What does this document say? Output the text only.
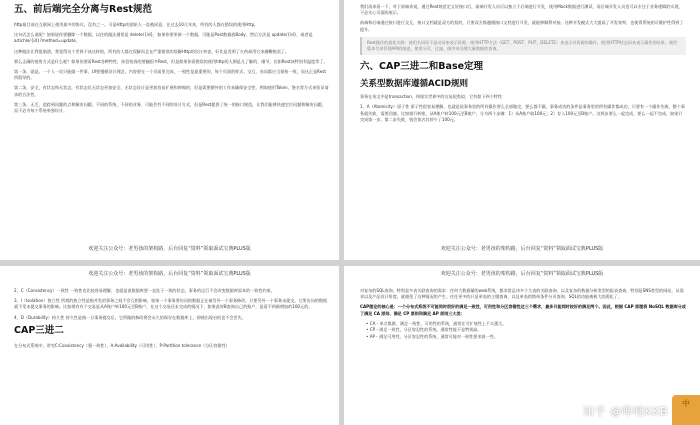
五、前后端完全分离与Rest规范

http最目前在互联网上使用最多的协议，没有之一。可是Http的创始人一直被同意，在过去10几年来，所有的人都在错误的使用Http。

这句话怎么说呢？如果说你要删除一个数据，以往的做法通常是 delete/{id}，如果你要更新一个数据，可能是Post数据放Body，然后方法是 update/{id}，或者是artichle/{id}?method=update。

这种做法让我很崩溃，我觉得这个世界不该这样的，所有的人都在误解而且在严重错误的误解Http的设计初衷，好比是发明了火药却用它来做鞭炮卖了。

那么正确的使用方式是什么呢？如果你要看Rest各种特性，你恐怕真的要翻很多Rest，但是如果你看错误的使用http的人倒是儿了解的，细节，比如Rest该特别有温度等了。

第一条，就是。一个人一次只能做一件事，UI要遵循设计理念，内容要在一个页面里完成，一致性是最重要的，每个页面的样式、交互、布局都应当保持一致，而这正是Rest所倡导的。

第二条，安全，有状态和无状态，有状态比无状态更加安全，无状态设计是更加容易扩展和伸缩的，但是需要额外的工作来确保安全性，例如使用Token、签名等方式来验证请求的合法性。

第三条，无乏，追踪到问题的点和解决问题。不同的系统，不同的业务，可能会有不同的设计方式，但是Rest提供了统一的接口规范，让我们能够快速定位问题和解决问题，而不必为每个系统单独设计。

欢迎关注公众号：老男孩的架构路，后台回复“资料”领取面试宝典PLUS版

我们再来看一下，对于前端来说，通过Rest规范定义好接口后，前端开发人员可以独立于后端进行开发，使用Mock数据进行测试，而后端开发人员也可以专注于业务逻辑的实现，不必关心页面的展示。

前端和后端通过接口进行交互，接口文档就是双方的契约，只要双方都遵循接口文档进行开发，就能够顺利对接。这种开发模式大大提高了开发效率，也使得系统的可维护性得到了提升。

Rest操作的最佳实践：使用名词而不是动词来表示资源，使用HTTP方法（GET、POST、PUT、DELETE）来表示对资源的操作，使用HTTP状态码来表示操作的结果，使用版本号来管理API的演进，使用分页、过滤、排序来处理大量数据的查询。

六、CAP三进二和Base定理
关系型数据库遵循ACID规则

事务在英文中是transaction，和现实世界中的交易很类似，它有如下四个特性：

1、A（Atomicity）原子性 原子性很容易理解，也就是说事务里的所有操作要么全部做完，要么都不做，事务成功的条件是事务里的所有操作都成功，只要有一个操作失败，整个事务就失败，需要回滚。比如银行转账，从A账户转100元至B账户，分为两个步骤：1）从A账户取100元；2）存入100元至B账户。这两步要么一起完成，要么一起不完成，如果只完成第一步，第二步失败，钱会莫名其妙少了100元。

欢迎关注公众号：老男孩的架构路，后台回复“资料”领取面试宝典PLUS版
欢迎关注公众号：老男孩的架构路，后台回复“资料”领取面试宝典PLUS版

2、C（Consistency）一致性 一致性也比较容易理解，也就是说数据库要一直处于一致的状态，事务的运行不会改变数据库原本的一致性约束。

3、I（Isolation）独立性 所谓的独立性是指并发的事务之间不会互相影响，如果一个事务要访问的数据正在被另外一个事务修改，只要另外一个事务未提交，它所访问的数据就不受未提交事务的影响。比如现有有个交易是从A账户转100元至B账户，在这个交易还未完成的情况下，如果此时B查询自己的账户，是看不到新增加的100元的。

4、D（Durability）持久性 持久性是指一旦事务提交后，它所做的修改将会永久的保存在数据库上，即使出现宕机也不会丢失。

CAP三进二

在分布式系统中，讲究C:Consistency（强一致性），A:Availability（可用性），P:Partition tolerance（分区容错性）

欢迎关注公众号：老男孩的架构路，后台回复“资料”领取面试宝典PLUS版

对复杂的SQL查询，特别是多表关联查询的需求：任何大数据量的web系统，都非常忌讳多个大表的关联查询，以及复杂的数据分析类型的报表查询，特别是SNS类型的网站，从需求以及产品设计角度，就避免了这种情况的产生。往往更多的只是单表的主键查询，以及单表的简单条件分页查询，SQL的功能被极大的弱化了。

CAP理论的核心是：一个分布式系统不可能同时很好的满足一致性，可用性和分区容错性这三个需求，最多只能同时较好的满足两个。因此，根据 CAP 原理将 NoSQL 数据库分成了满足 CA 原则、满足 CP 原则和满足 AP 原则三大类：

• CA - 单点集群，满足一致性，可用性的系统，通常在可扩展性上不太强大。
• CP - 满足一致性，分区容忍性的系统，通常性能不是特别高。
• AP - 满足可用性，分区容忍性的系统，通常可能对一致性要求低一些。
知乎 @哔哩KKB
中
